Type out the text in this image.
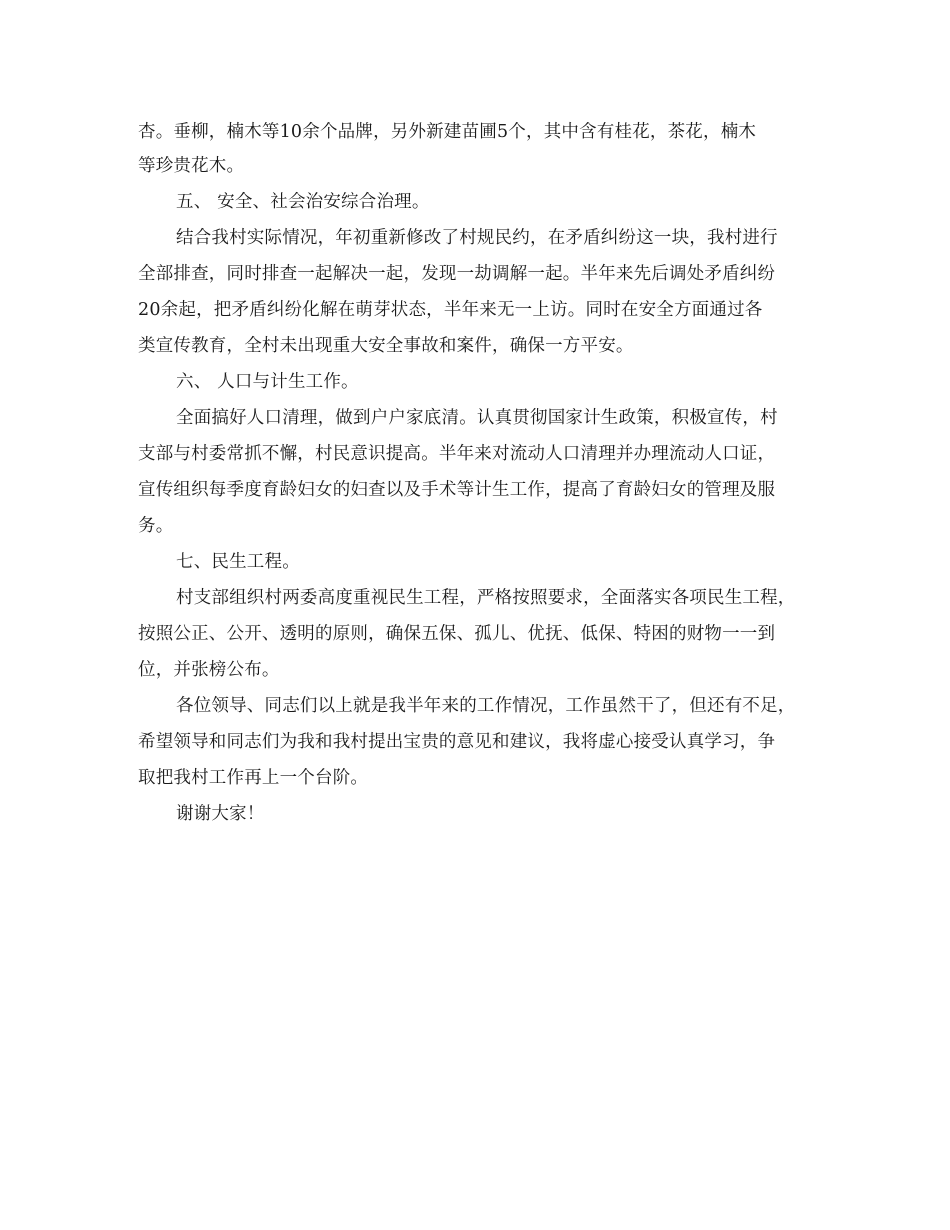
杏。垂柳，楠木等10余个品牌，另外新建苗圃5个，其中含有桂花，茶花，楠木
等珍贵花木。
五、 安全、社会治安综合治理。
结合我村实际情况，年初重新修改了村规民约，在矛盾纠纷这一块，我村进行
全部排查，同时排查一起解决一起，发现一劫调解一起。半年来先后调处矛盾纠纷
20余起，把矛盾纠纷化解在萌芽状态，半年来无一上访。同时在安全方面通过各
类宣传教育，全村未出现重大安全事故和案件，确保一方平安。
六、 人口与计生工作。
全面搞好人口清理，做到户户家底清。认真贯彻国家计生政策，积极宣传，村
支部与村委常抓不懈，村民意识提高。半年来对流动人口清理并办理流动人口证，
宣传组织每季度育龄妇女的妇查以及手术等计生工作，提高了育龄妇女的管理及服
务。
七、民生工程。
村支部组织村两委高度重视民生工程，严格按照要求，全面落实各项民生工程，
按照公正、公开、透明的原则，确保五保、孤儿、优抚、低保、特困的财物一一到
位，并张榜公布。
各位领导、同志们以上就是我半年来的工作情况，工作虽然干了，但还有不足，
希望领导和同志们为我和我村提出宝贵的意见和建议，我将虚心接受认真学习，争
取把我村工作再上一个台阶。
谢谢大家！
